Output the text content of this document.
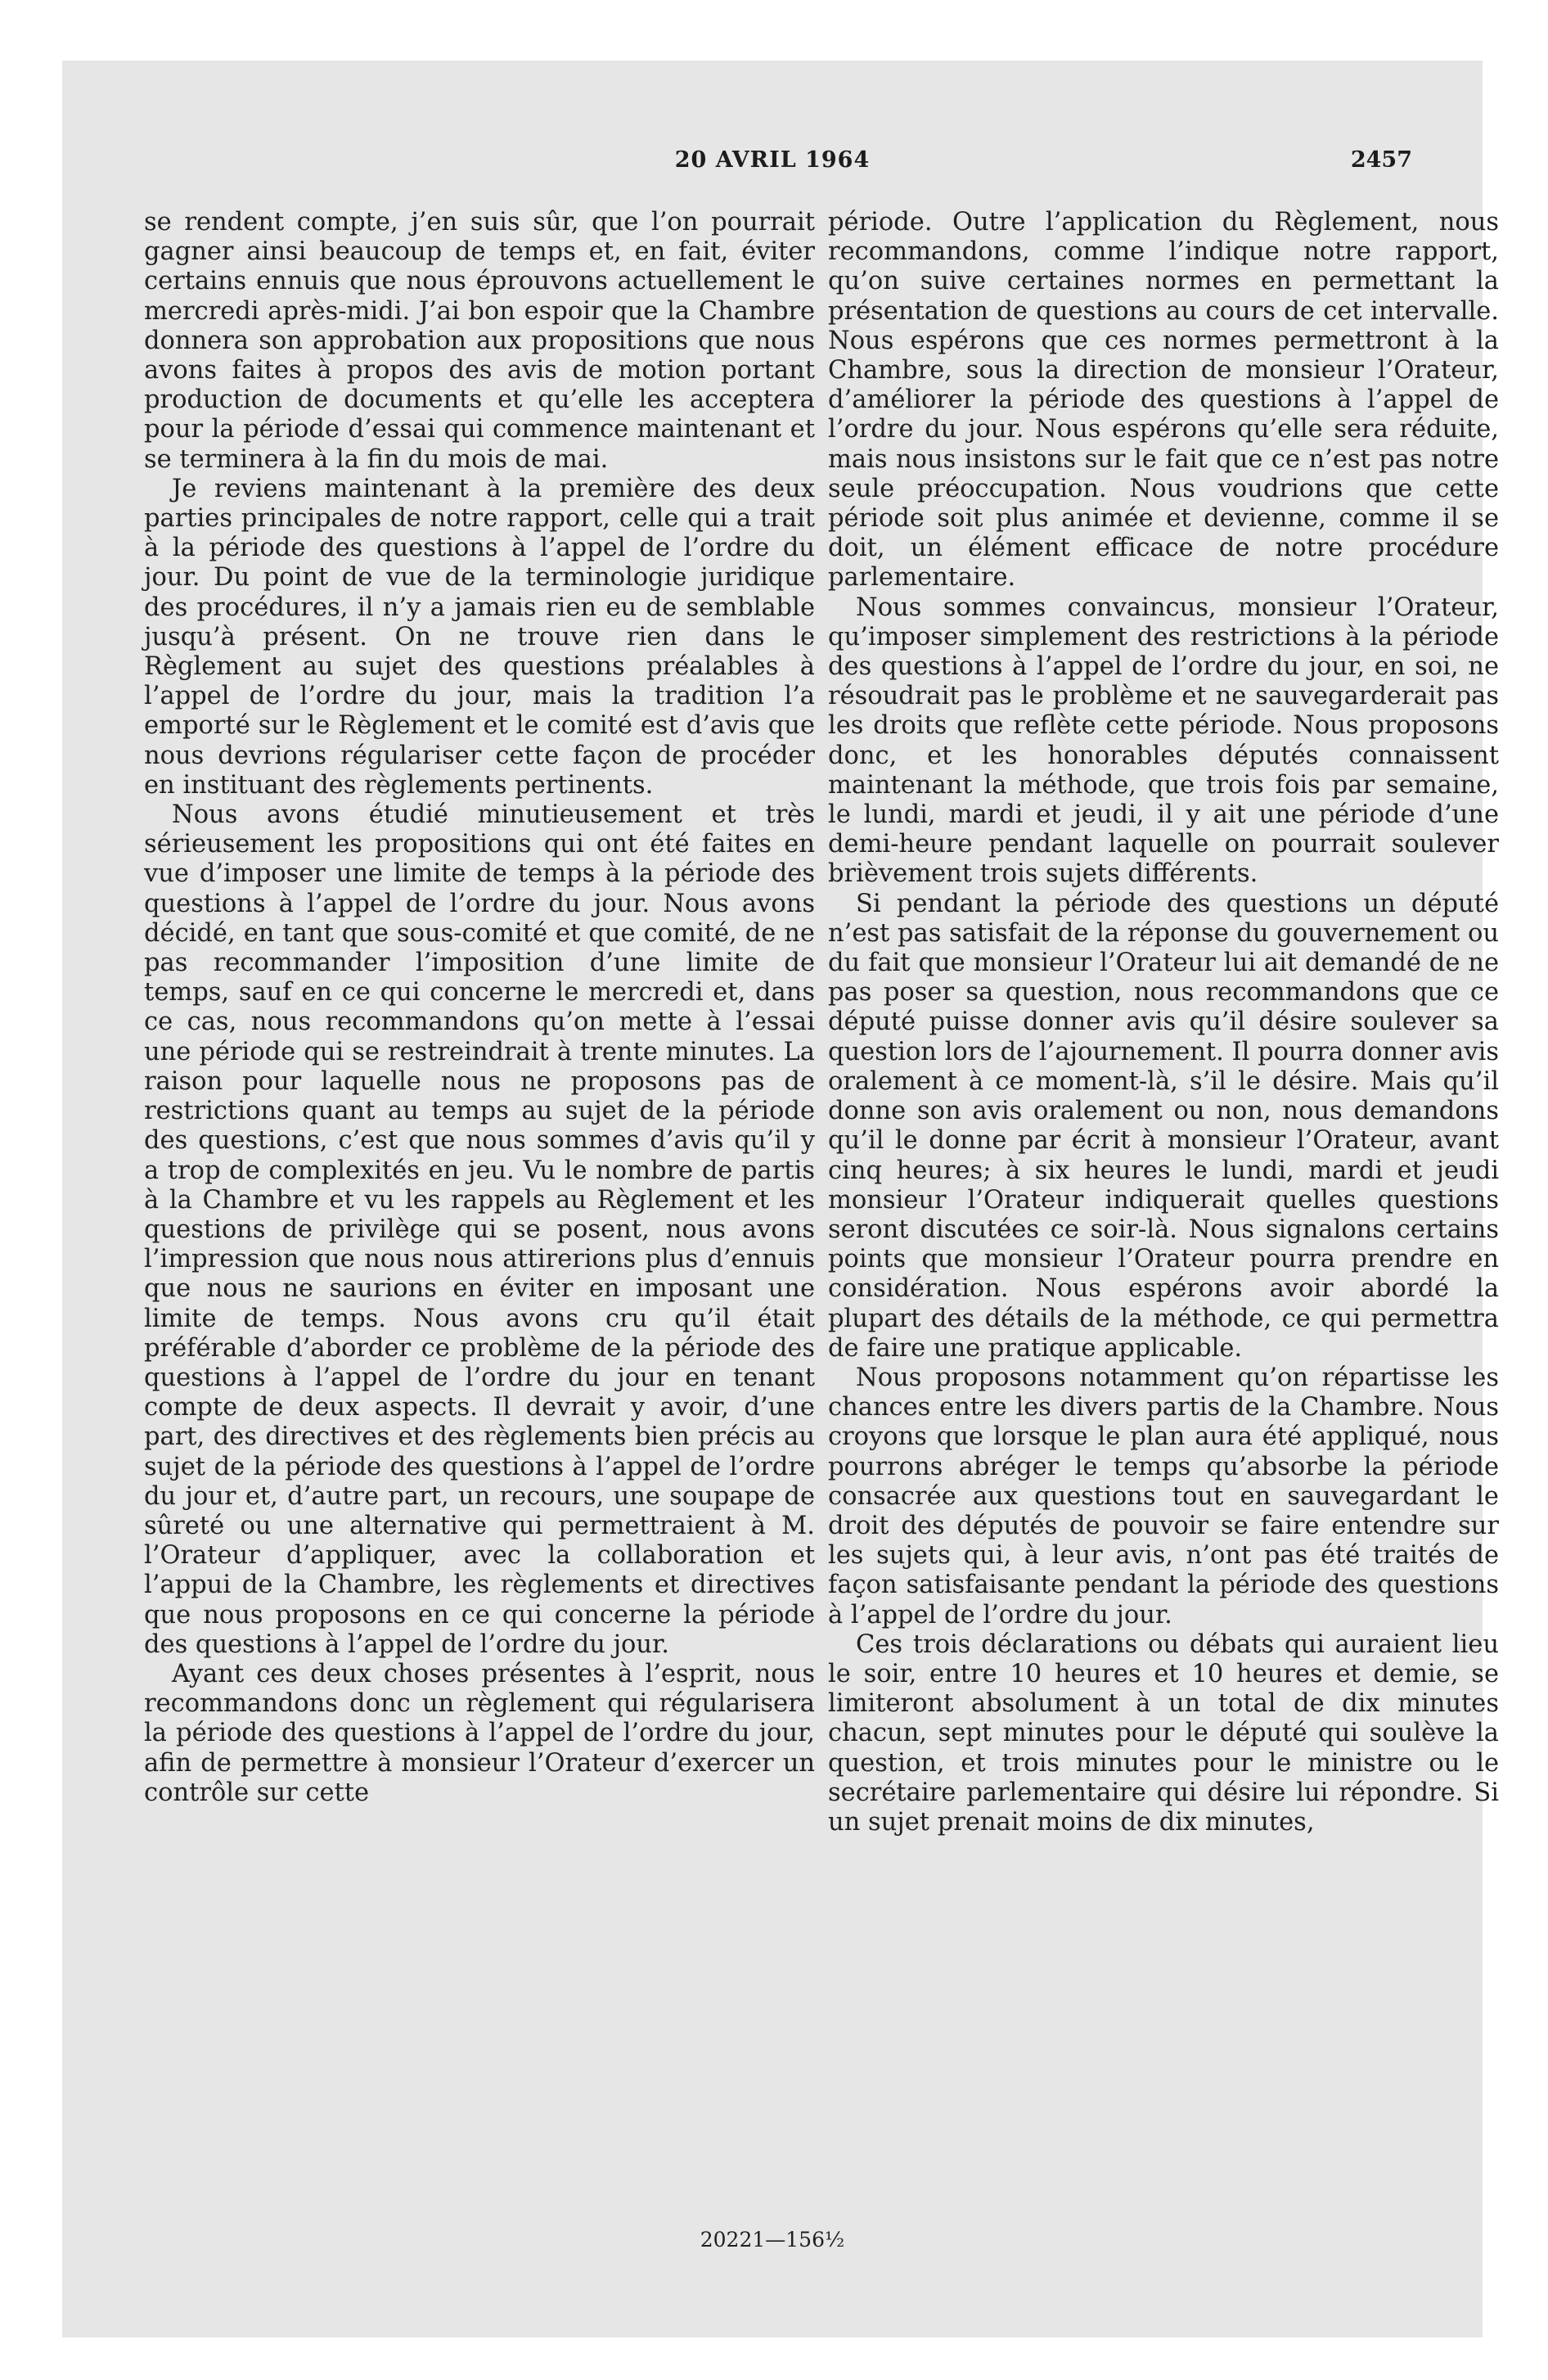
20 AVRIL 1964	2457

se rendent compte, j’en suis sûr, que l’on pourrait gagner ainsi beaucoup de temps et, en fait, éviter certains ennuis que nous éprouvons actuellement le mercredi après-midi. J’ai bon espoir que la Chambre donnera son approbation aux propositions que nous avons faites à propos des avis de motion portant production de documents et qu’elle les acceptera pour la période d’essai qui commence maintenant et se terminera à la fin du mois de mai.

Je reviens maintenant à la première des deux parties principales de notre rapport, celle qui a trait à la période des questions à l’appel de l’ordre du jour. Du point de vue de la terminologie juridique des procédures, il n’y a jamais rien eu de semblable jusqu’à présent. On ne trouve rien dans le Règlement au sujet des questions préalables à l’appel de l’ordre du jour, mais la tradition l’a emporté sur le Règlement et le comité est d’avis que nous devrions régulariser cette façon de procéder en instituant des règlements pertinents.

Nous avons étudié minutieusement et très sérieusement les propositions qui ont été faites en vue d’imposer une limite de temps à la période des questions à l’appel de l’ordre du jour. Nous avons décidé, en tant que sous-comité et que comité, de ne pas recommander l’imposition d’une limite de temps, sauf en ce qui concerne le mercredi et, dans ce cas, nous recommandons qu’on mette à l’essai une période qui se restreindrait à trente minutes. La raison pour laquelle nous ne proposons pas de restrictions quant au temps au sujet de la période des questions, c’est que nous sommes d’avis qu’il y a trop de complexités en jeu. Vu le nombre de partis à la Chambre et vu les rappels au Règlement et les questions de privilège qui se posent, nous avons l’impression que nous nous attirerions plus d’ennuis que nous ne saurions en éviter en imposant une limite de temps. Nous avons cru qu’il était préférable d’aborder ce problème de la période des questions à l’appel de l’ordre du jour en tenant compte de deux aspects. Il devrait y avoir, d’une part, des directives et des règlements bien précis au sujet de la période des questions à l’appel de l’ordre du jour et, d’autre part, un recours, une soupape de sûreté ou une alternative qui permettraient à M. l’Orateur d’appliquer, avec la collaboration et l’appui de la Chambre, les règlements et directives que nous proposons en ce qui concerne la période des questions à l’appel de l’ordre du jour.

Ayant ces deux choses présentes à l’esprit, nous recommandons donc un règlement qui régularisera la période des questions à l’appel de l’ordre du jour, afin de permettre à monsieur l’Orateur d’exercer un contrôle sur cette

période. Outre l’application du Règlement, nous recommandons, comme l’indique notre rapport, qu’on suive certaines normes en permettant la présentation de questions au cours de cet intervalle. Nous espérons que ces normes permettront à la Chambre, sous la direction de monsieur l’Orateur, d’améliorer la période des questions à l’appel de l’ordre du jour. Nous espérons qu’elle sera réduite, mais nous insistons sur le fait que ce n’est pas notre seule préoccupation. Nous voudrions que cette période soit plus animée et devienne, comme il se doit, un élément efficace de notre procédure parlementaire.

Nous sommes convaincus, monsieur l’Orateur, qu’imposer simplement des restrictions à la période des questions à l’appel de l’ordre du jour, en soi, ne résoudrait pas le problème et ne sauvegarderait pas les droits que reflète cette période. Nous proposons donc, et les honorables députés connaissent maintenant la méthode, que trois fois par semaine, le lundi, mardi et jeudi, il y ait une période d’une demi-heure pendant laquelle on pourrait soulever brièvement trois sujets différents.

Si pendant la période des questions un député n’est pas satisfait de la réponse du gouvernement ou du fait que monsieur l’Orateur lui ait demandé de ne pas poser sa question, nous recommandons que ce député puisse donner avis qu’il désire soulever sa question lors de l’ajournement. Il pourra donner avis oralement à ce moment-là, s’il le désire. Mais qu’il donne son avis oralement ou non, nous demandons qu’il le donne par écrit à monsieur l’Orateur, avant cinq heures; à six heures le lundi, mardi et jeudi monsieur l’Orateur indiquerait quelles questions seront discutées ce soir-là. Nous signalons certains points que monsieur l’Orateur pourra prendre en considération. Nous espérons avoir abordé la plupart des détails de la méthode, ce qui permettra de faire une pratique applicable.

Nous proposons notamment qu’on répartisse les chances entre les divers partis de la Chambre. Nous croyons que lorsque le plan aura été appliqué, nous pourrons abréger le temps qu’absorbe la période consacrée aux questions tout en sauvegardant le droit des députés de pouvoir se faire entendre sur les sujets qui, à leur avis, n’ont pas été traités de façon satisfaisante pendant la période des questions à l’appel de l’ordre du jour.

Ces trois déclarations ou débats qui auraient lieu le soir, entre 10 heures et 10 heures et demie, se limiteront absolument à un total de dix minutes chacun, sept minutes pour le député qui soulève la question, et trois minutes pour le ministre ou le secrétaire parlementaire qui désire lui répondre. Si un sujet prenait moins de dix minutes,

20221—156½
